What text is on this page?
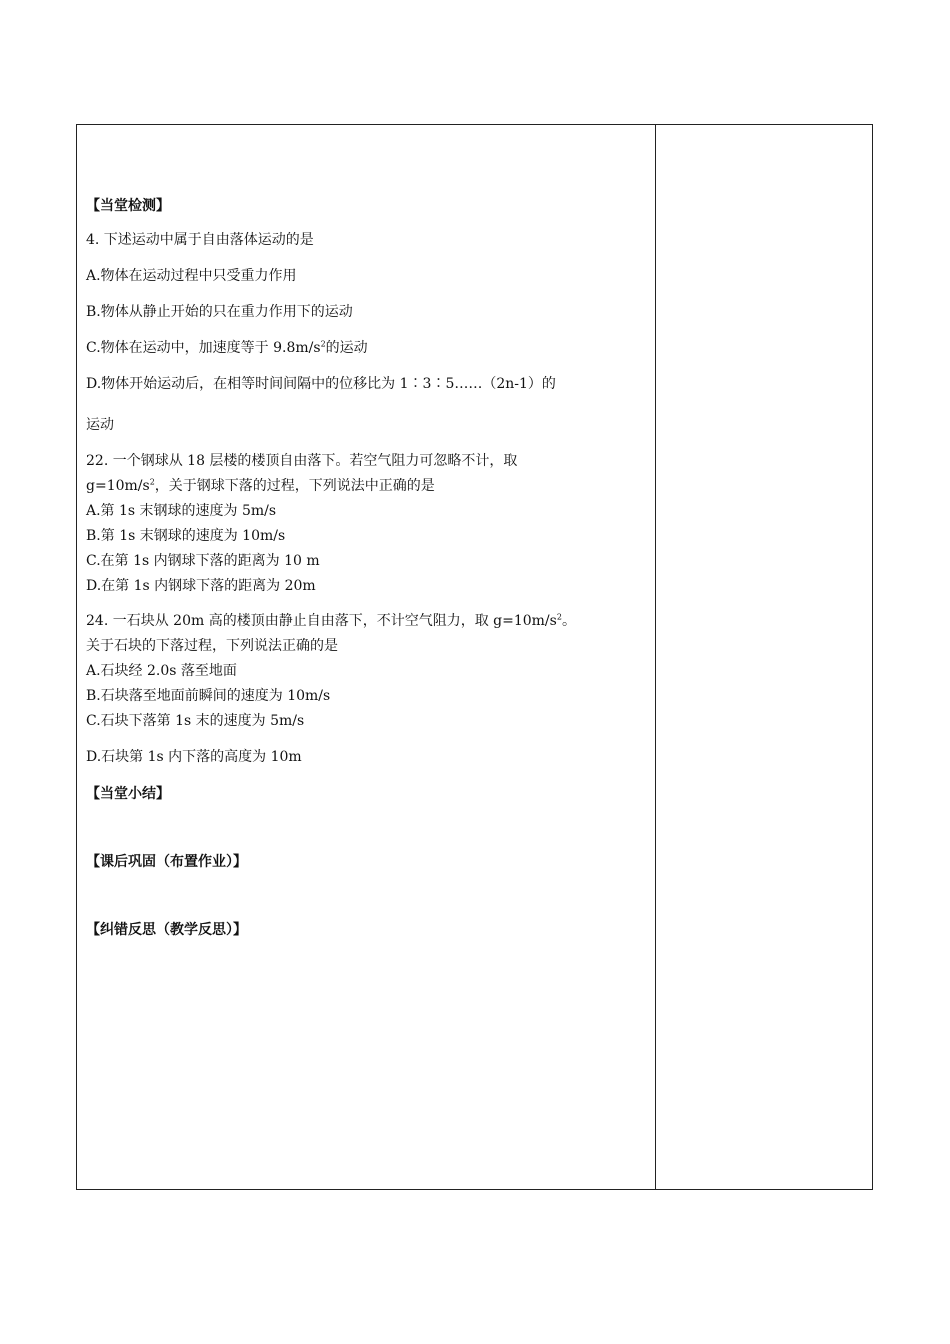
【当堂检测】
4. 下述运动中属于自由落体运动的是
A.物体在运动过程中只受重力作用
B.物体从静止开始的只在重力作用下的运动
C.物体在运动中，加速度等于 $9.8m/s^2$的运动
D.物体开始运动后，在相等时间间隔中的位移比为 1∶3∶5……（2n-1）的
运动
22. 一个钢球从 18 层楼的楼顶自由落下。若空气阻力可忽略不计，取
$g=10m/s^2$，关于钢球下落的过程，下列说法中正确的是
A.第 1s 末钢球的速度为 5m/s
B.第 1s 末钢球的速度为 10m/s
C.在第 1s 内钢球下落的距离为 10 m
D.在第 1s 内钢球下落的距离为 20m
24. 一石块从 20m 高的楼顶由静止自由落下，不计空气阻力，取 $g=10m/s^2$。
关于石块的下落过程，下列说法正确的是
A.石块经 2.0s 落至地面
B.石块落至地面前瞬间的速度为 10m/s
C.石块下落第 1s 末的速度为 5m/s
D.石块第 1s 内下落的高度为 10m
【当堂小结】
【课后巩固（布置作业）】
【纠错反思（教学反思）】
